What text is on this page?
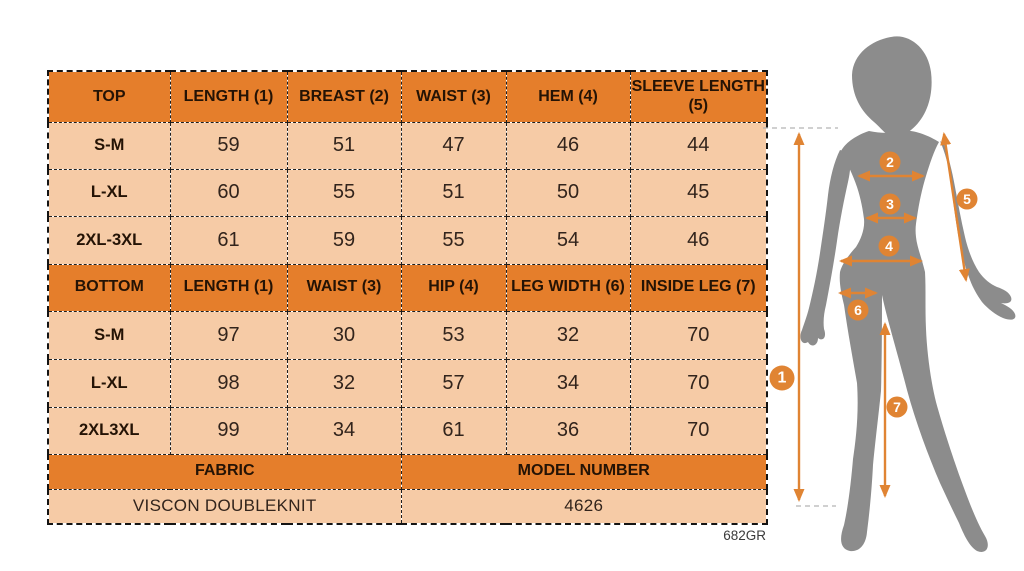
TOP	LENGTH (1)	BREAST (2)	WAIST (3)	HEM (4)	SLEEVE LENGTH (5)
S-M	59	51	47	46	44
L-XL	60	55	51	50	45
2XL-3XL	61	59	55	54	46
BOTTOM	LENGTH (1)	WAIST (3)	HIP (4)	LEG WIDTH (6)	INSIDE LEG (7)
S-M	97	30	53	32	70
L-XL	98	32	57	34	70
2XL3XL	99	34	61	36	70
FABRIC			MODEL NUMBER		
VISCON DOUBLEKNIT			4626		
682GR
1
2
3
4
5
6
7
